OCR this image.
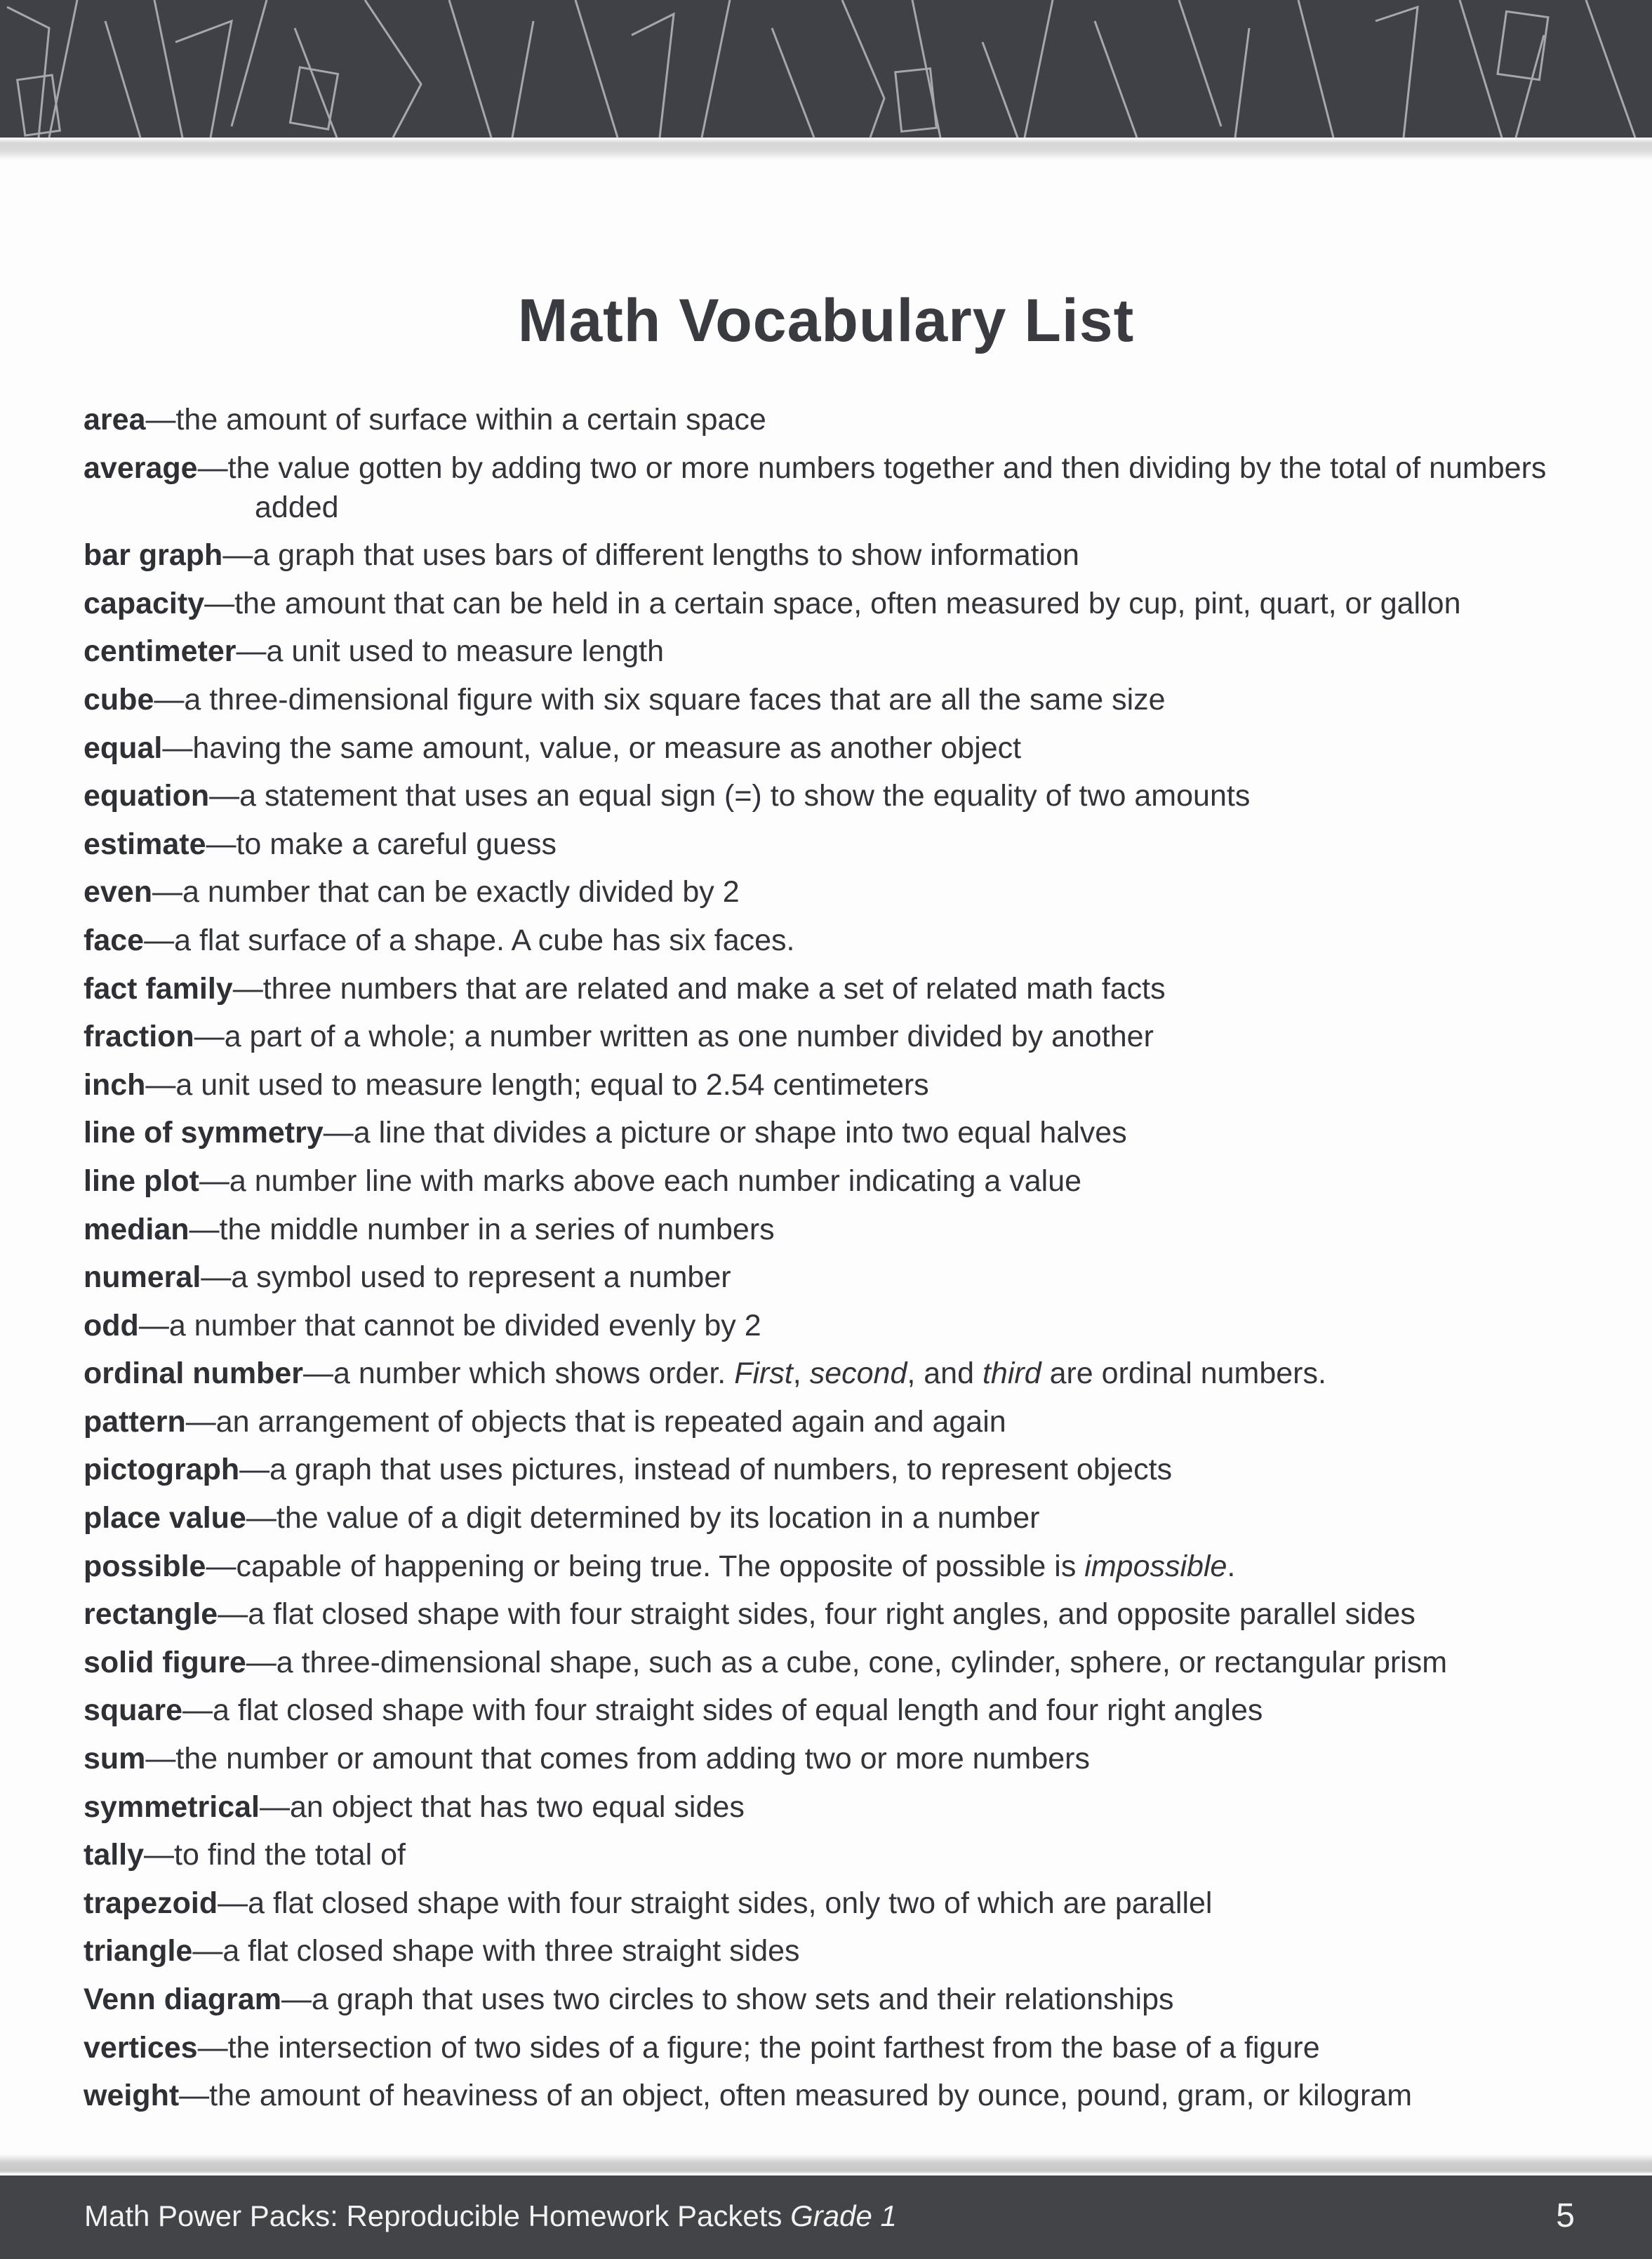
Math Vocabulary List
area—the amount of surface within a certain space
average—the value gotten by adding two or more numbers together and then dividing by the total of numbers added
bar graph—a graph that uses bars of different lengths to show information
capacity—the amount that can be held in a certain space, often measured by cup, pint, quart, or gallon
centimeter—a unit used to measure length
cube—a three-dimensional figure with six square faces that are all the same size
equal—having the same amount, value, or measure as another object
equation—a statement that uses an equal sign (=) to show the equality of two amounts
estimate—to make a careful guess
even—a number that can be exactly divided by 2
face—a flat surface of a shape. A cube has six faces.
fact family—three numbers that are related and make a set of related math facts
fraction—a part of a whole; a number written as one number divided by another
inch—a unit used to measure length; equal to 2.54 centimeters
line of symmetry—a line that divides a picture or shape into two equal halves
line plot—a number line with marks above each number indicating a value
median—the middle number in a series of numbers
numeral—a symbol used to represent a number
odd—a number that cannot be divided evenly by 2
ordinal number—a number which shows order. First, second, and third are ordinal numbers.
pattern—an arrangement of objects that is repeated again and again
pictograph—a graph that uses pictures, instead of numbers, to represent objects
place value—the value of a digit determined by its location in a number
possible—capable of happening or being true. The opposite of possible is impossible.
rectangle—a flat closed shape with four straight sides, four right angles, and opposite parallel sides
solid figure—a three-dimensional shape, such as a cube, cone, cylinder, sphere, or rectangular prism
square—a flat closed shape with four straight sides of equal length and four right angles
sum—the number or amount that comes from adding two or more numbers
symmetrical—an object that has two equal sides
tally—to find the total of
trapezoid—a flat closed shape with four straight sides, only two of which are parallel
triangle—a flat closed shape with three straight sides
Venn diagram—a graph that uses two circles to show sets and their relationships
vertices—the intersection of two sides of a figure; the point farthest from the base of a figure
weight—the amount of heaviness of an object, often measured by ounce, pound, gram, or kilogram
Math Power Packs: Reproducible Homework Packets Grade 1	5
